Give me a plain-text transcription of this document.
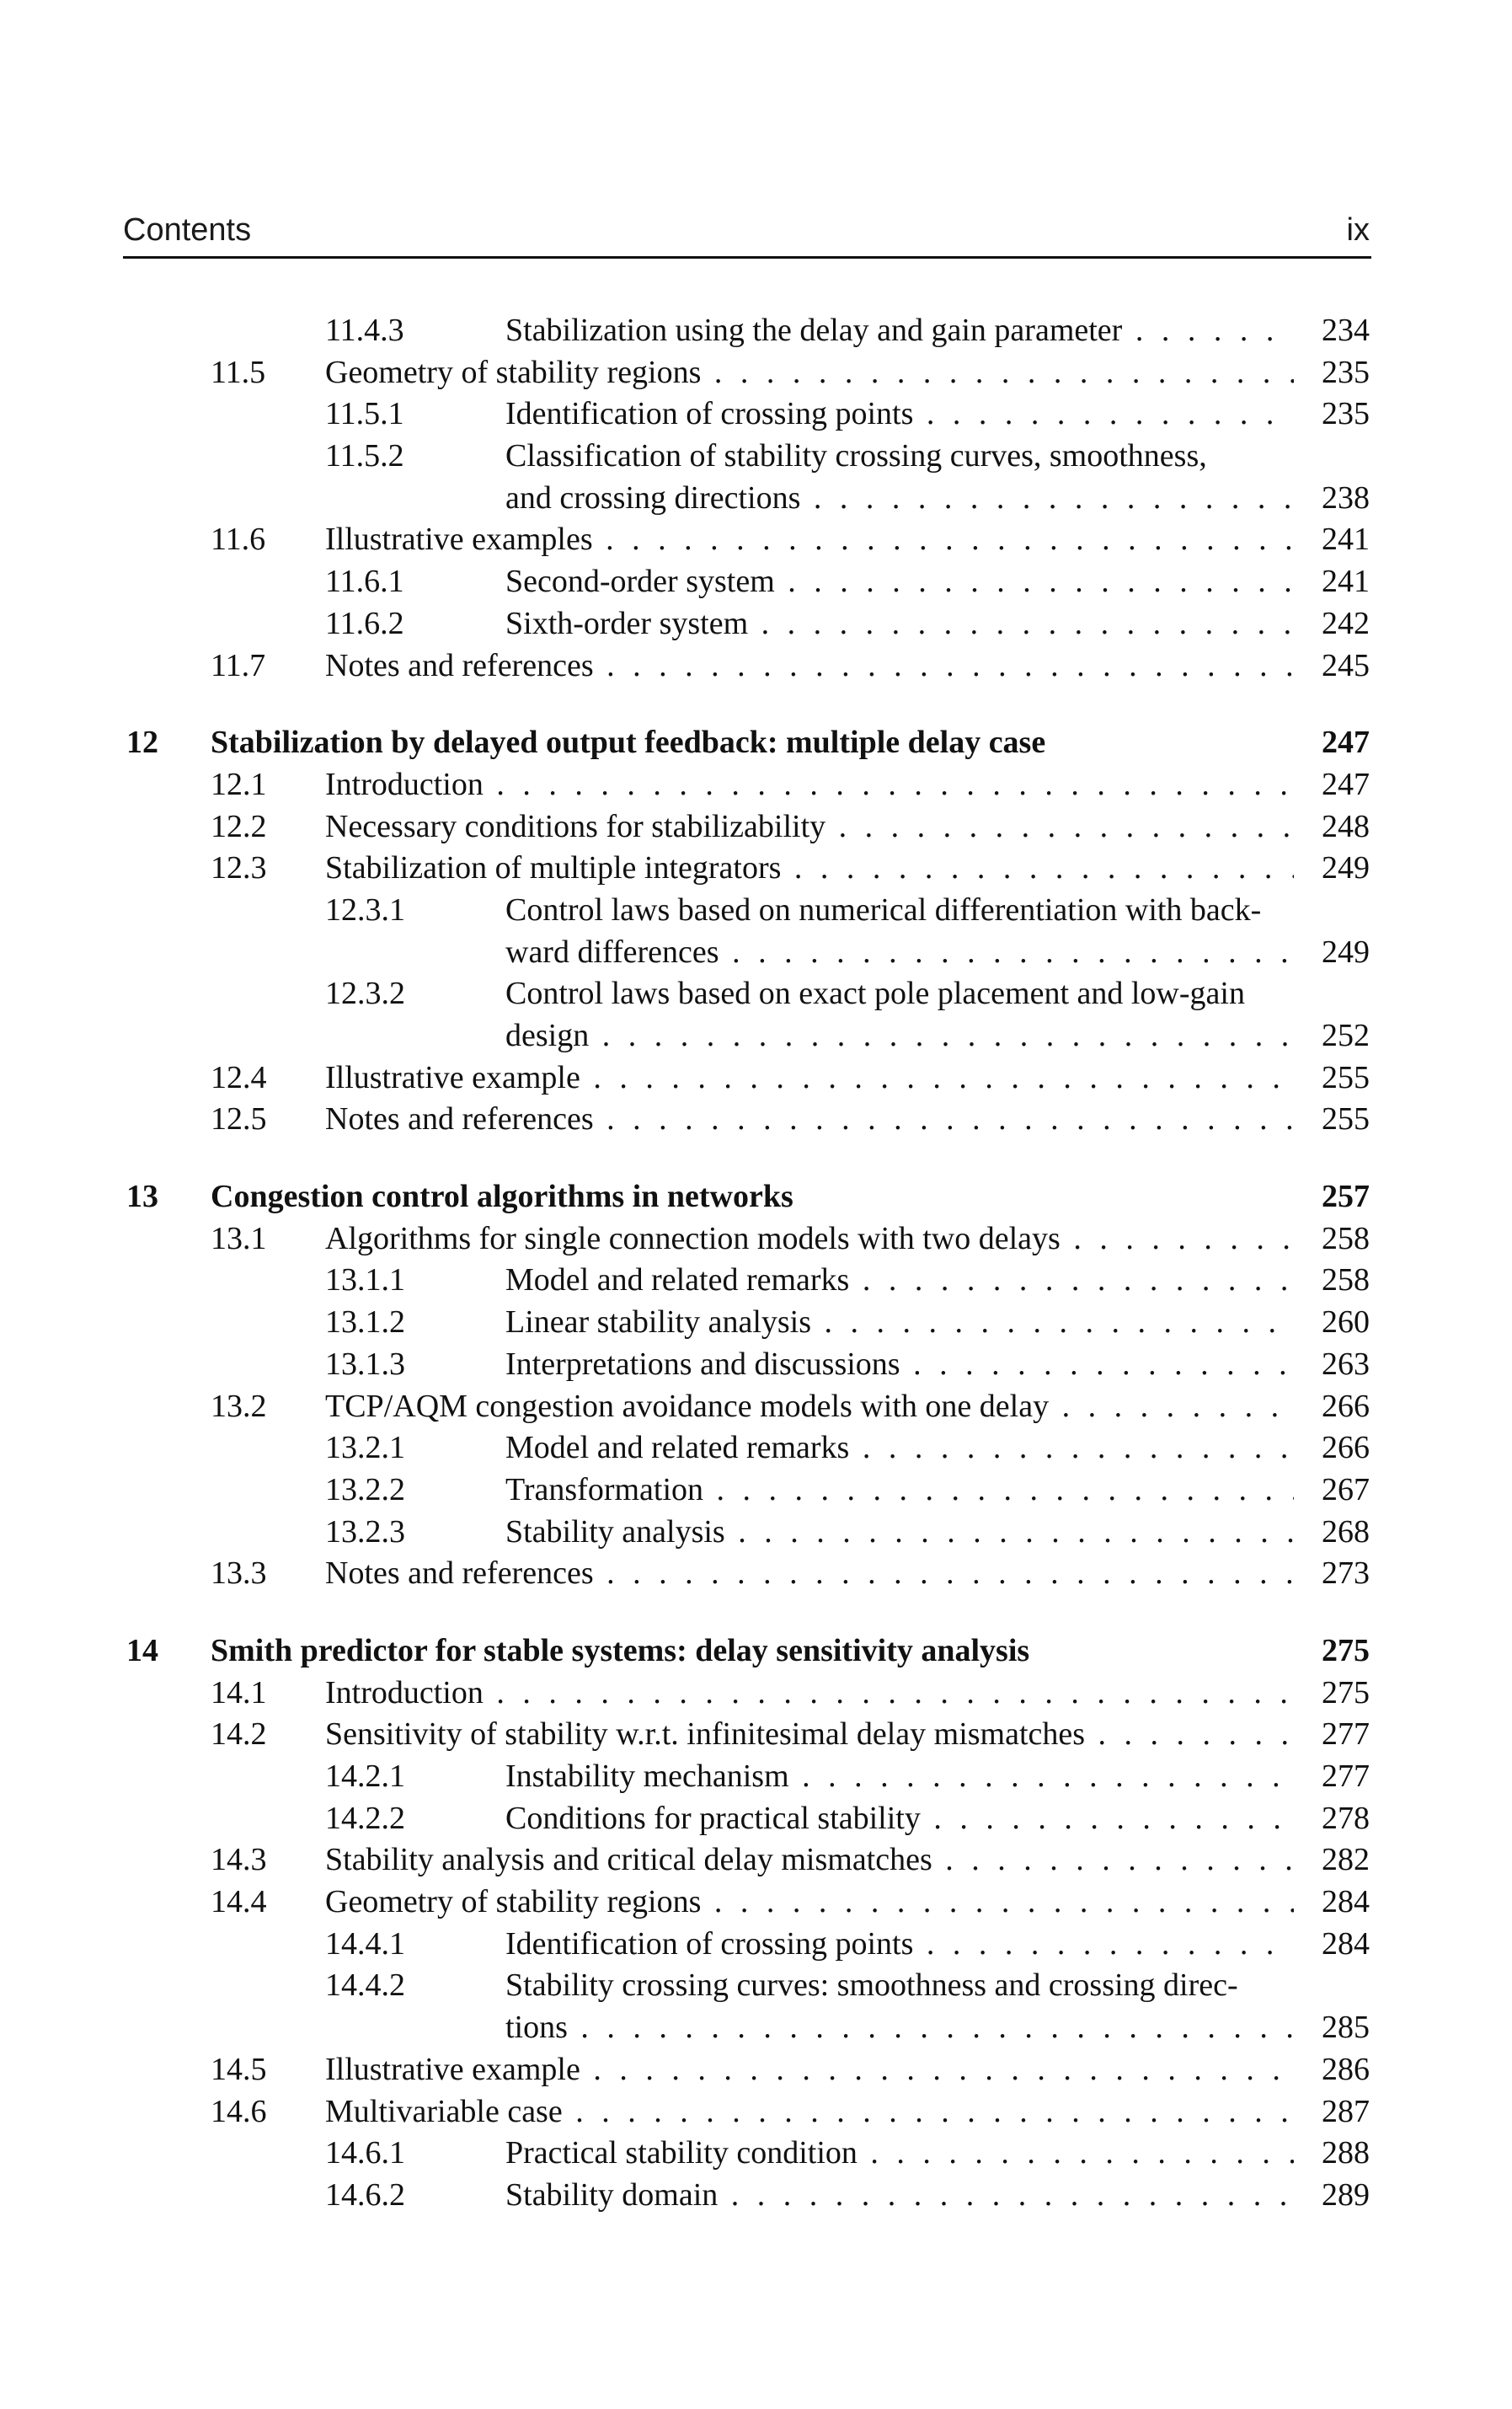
Contents	ix
11.4.3	Stabilization using the delay and gain parameter . . .	234
11.5 Geometry of stability regions . . .	235
11.5.1	Identification of crossing points . . .	235
11.5.2	Classification of stability crossing curves, smoothness,
and crossing directions . . .	238
11.6 Illustrative examples . . .	241
11.6.1	Second-order system . . .	241
11.6.2	Sixth-order system . . .	242
11.7 Notes and references . . .	245
12	Stabilization by delayed output feedback: multiple delay case	247
12.1 Introduction . . .	247
12.2 Necessary conditions for stabilizability . . .	248
12.3 Stabilization of multiple integrators . . .	249
12.3.1	Control laws based on numerical differentiation with back-
ward differences . . .	249
12.3.2	Control laws based on exact pole placement and low-gain
design . . .	252
12.4 Illustrative example . . .	255
12.5 Notes and references . . .	255
13	Congestion control algorithms in networks	257
13.1 Algorithms for single connection models with two delays . . .	258
13.1.1	Model and related remarks . . .	258
13.1.2	Linear stability analysis . . .	260
13.1.3	Interpretations and discussions . . .	263
13.2 TCP/AQM congestion avoidance models with one delay . . .	266
13.2.1	Model and related remarks . . .	266
13.2.2	Transformation . . .	267
13.2.3	Stability analysis . . .	268
13.3 Notes and references . . .	273
14	Smith predictor for stable systems: delay sensitivity analysis	275
14.1 Introduction . . .	275
14.2 Sensitivity of stability w.r.t. infinitesimal delay mismatches . . .	277
14.2.1	Instability mechanism . . .	277
14.2.2	Conditions for practical stability . . .	278
14.3 Stability analysis and critical delay mismatches . . .	282
14.4 Geometry of stability regions . . .	284
14.4.1	Identification of crossing points . . .	284
14.4.2	Stability crossing curves: smoothness and crossing direc-
tions . . .	285
14.5 Illustrative example . . .	286
14.6 Multivariable case . . .	287
14.6.1	Practical stability condition . . .	288
14.6.2	Stability domain . . .	289
